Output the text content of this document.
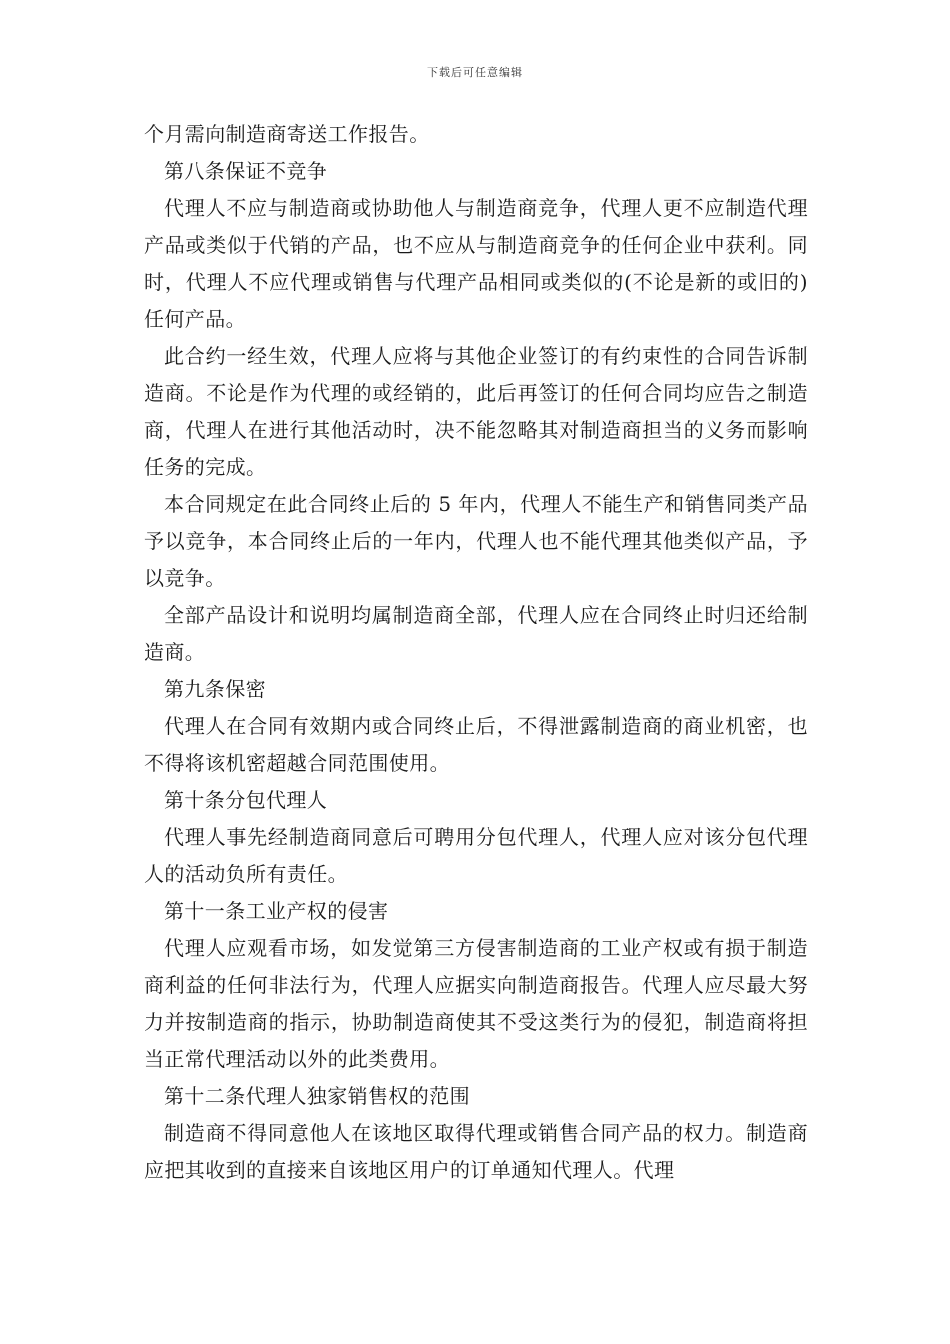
下载后可任意编辑

个月需向制造商寄送工作报告。

第八条保证不竞争

代理人不应与制造商或协助他人与制造商竞争，代理人更不应制造代理产品或类似于代销的产品，也不应从与制造商竞争的任何企业中获利。同时，代理人不应代理或销售与代理产品相同或类似的(不论是新的或旧的)任何产品。

此合约一经生效，代理人应将与其他企业签订的有约束性的合同告诉制造商。不论是作为代理的或经销的，此后再签订的任何合同均应告之制造商，代理人在进行其他活动时，决不能忽略其对制造商担当的义务而影响任务的完成。

本合同规定在此合同终止后的 5 年内，代理人不能生产和销售同类产品予以竞争，本合同终止后的一年内，代理人也不能代理其他类似产品，予以竞争。

全部产品设计和说明均属制造商全部，代理人应在合同终止时归还给制造商。

第九条保密

代理人在合同有效期内或合同终止后，不得泄露制造商的商业机密，也不得将该机密超越合同范围使用。

第十条分包代理人

代理人事先经制造商同意后可聘用分包代理人，代理人应对该分包代理人的活动负所有责任。

第十一条工业产权的侵害

代理人应观看市场，如发觉第三方侵害制造商的工业产权或有损于制造商利益的任何非法行为，代理人应据实向制造商报告。代理人应尽最大努力并按制造商的指示，协助制造商使其不受这类行为的侵犯，制造商将担当正常代理活动以外的此类费用。

第十二条代理人独家销售权的范围

制造商不得同意他人在该地区取得代理或销售合同产品的权力。制造商应把其收到的直接来自该地区用户的订单通知代理人。代理
